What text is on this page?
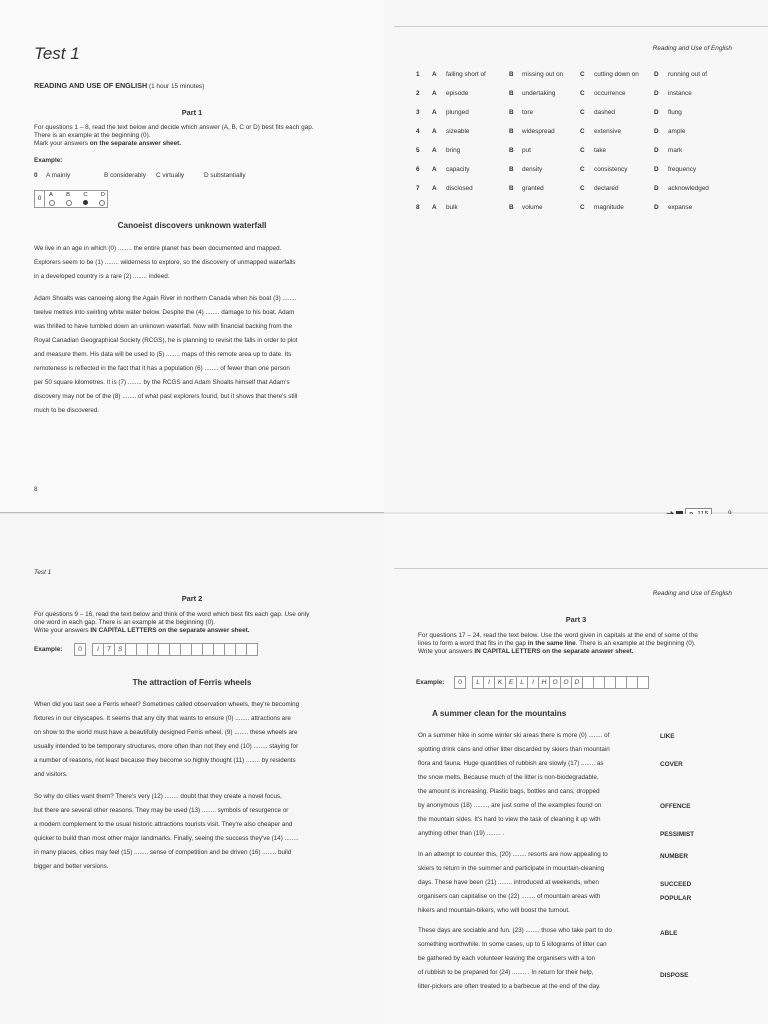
Test 1
READING AND USE OF ENGLISH (1 hour 15 minutes)
Part 1
For questions 1 – 8, read the text below and decide which answer (A, B, C or D) best fits each gap.
There is an example at the beginning (0).
Mark your answers on the separate answer sheet.
Example:
0 A mainly	B considerably C virtually	D substantially
0	A B C D
Canoeist discovers unknown waterfall
We live in an age in which (0) ........ the entire planet has been documented and mapped.
Explorers seem to be (1) ........ wilderness to explore, so the discovery of unmapped waterfalls
in a developed country is a rare (2) ........ indeed.
Adam Shoalts was canoeing along the Again River in northern Canada when his boat (3) ........
twelve metres into swirling white water below. Despite the (4) ........ damage to his boat, Adam
was thrilled to have tumbled down an unknown waterfall. Now with financial backing from the
Royal Canadian Geographical Society (RCGS), he is planning to revisit the falls in order to plot
and measure them. His data will be used to (5) ........ maps of this remote area up to date. Its
remoteness is reflected in the fact that it has a population (6) ........ of fewer than one person
per 50 square kilometres. It is (7) ........ by the RCGS and Adam Shoalts himself that Adam's
discovery may not be of the (8) ........ of what past explorers found, but it shows that there's still
much to be discovered.
8
Reading and Use of English
1 A falling short of	B missing out on	C cutting down on D running out of
2 A episode	B undertaking	C occurrence	D instance
3 A plunged	B tore	C dashed	D flung
4 A sizeable	B widespread	C extensive	D ample
5 A bring	B put	C take	D mark
6 A capacity	B density	C consistency	D frequency
7 A disclosed	B granted	C declared	D acknowledged
8 A bulk	B volume	C magnitude	D expanse
Test 1
Part 2
For questions 9 – 16, read the text below and think of the word which best fits each gap. Use only
one word in each gap. There is an example at the beginning (0).
Write your answers IN CAPITAL LETTERS on the separate answer sheet.
Example:	0	I	T	S
The attraction of Ferris wheels
When did you last see a Ferris wheel? Sometimes called observation wheels, they're becoming
fixtures in our cityscapes. It seems that any city that wants to ensure (0) ........ attractions are
on show to the world must have a beautifully designed Ferris wheel. (9) ........ these wheels are
usually intended to be temporary structures, more often than not they end (10) ........ staying for
a number of reasons, not least because they become so highly thought (11) ........ by residents
and visitors.
So why do cities want them? There's very (12) ........ doubt that they create a novel focus,
but there are several other reasons. They may be used (13) ........ symbols of resurgence or
a modern complement to the usual historic attractions tourists visit. They're also cheaper and
quicker to build than most other major landmarks. Finally, seeing the success they've (14) ........
in many places, cities may feel (15) ........ sense of competition and be driven (16) ........ build
bigger and better versions.
Reading and Use of English
Part 3
For questions 17 – 24, read the text below. Use the word given in capitals at the end of some of the
lines to form a word that fits in the gap in the same line. There is an example at the beginning (0).
Write your answers IN CAPITAL LETTERS on the separate answer sheet.
Example:	0	L	I	K	E	L	I	H O O D
A summer clean for the mountains
On a summer hike in some winter ski areas there is more (0) ........ of
spotting drink cans and other litter discarded by skiers than mountain
flora and fauna. Huge quantities of rubbish are slowly (17) ........ as
the snow melts. Because much of the litter is non-biodegradable,
the amount is increasing. Plastic bags, bottles and cans, dropped
by anonymous (18) ........, are just some of the examples found on
the mountain sides. It's hard to view the task of cleaning it up with
anything other than (19) ........ .
In an attempt to counter this, (20) ........ resorts are now appealing to
skiers to return in the summer and participate in mountain-cleaning
days. These have been (21) ........ introduced at weekends, when
organisers can capitalise on the (22) ........ of mountain areas with
hikers and mountain-bikers, who will boost the turnout.
These days are sociable and fun. (23) ........ those who take part to do
something worthwhile. In some cases, up to 5 kilograms of litter can
be gathered by each volunteer leaving the organisers with a ton
of rubbish to be prepared for (24) ........ . In return for their help,
litter-pickers are often treated to a barbecue at the end of the day.
LIKE
COVER
OFFENCE
PESSIMIST
NUMBER
SUCCEED
POPULAR
ABLE
DISPOSE
